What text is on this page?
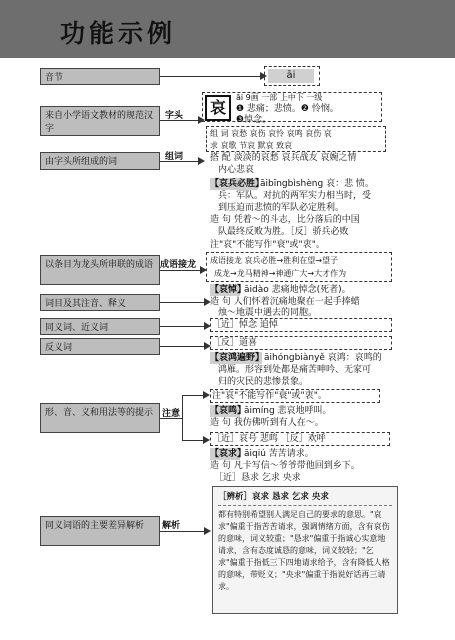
功能示例
音节
来自小学语文教材的规范汉字
由字头所组成的词
以条目为龙头所串联的成语
词目及其注音、释义
同义词、近义词
反义词
形、音、义和用法等的提示
同义词语的主要差异解析
字头
组词
成语接龙
注意
解析
āi
哀
āi 9画 一部 上中下 一级
❶ 悲痛；悲愤。❷ 怜悯。
❸悼念。
组 词 哀愁 哀伤 哀怜 哀鸣 哀伤 哀
求 哀歌 节哀 默哀 致哀
搭 配 淡淡的哀愁 哀兵战友 哀婉之情
内心悲哀
【哀兵必胜】
āibīngbìshèng 哀：悲 愤。
兵：军队。对抗的两军实力相当时，受
到压迫而悲愤的军队必定胜利。
造 句 凭着～的斗志，比分落后的中国
队最终反败为胜。［反］骄兵必败
注"哀"不能写作"衰"或"衷"。
成语接龙 哀兵必胜→胜利在望→望子
成龙→龙马精神→神通广大→大才作为
【哀悼】
āidào 悲痛地悼念(死者)。
造 句 人们怀着沉痛地聚在一起手捧蜡
烛～地震中遇去的同胞。
［近］悼念 追悼
［反］道喜
【哀鸿遍野】 āihóngbiànyě 哀鸿：哀鸣的
鸿雁。形容到处都是痛苦呻吟、无家可
归的灾民的悲惨景象。
注"哀"不能写作"衰"或"衷"。
【哀鸣】
āimíng 悲哀地呼叫。
造 句 我仿佛听到有人在～。
［近］哀号 悲鸣 ［反］欢呼
【哀求】
āiqiú 苦苦请求。
造 句 凡卡写信～爷爷带他回到乡下。
［近］恳求 乞求 央求
［辨析］哀求 恳求 乞求 央求
都有特别希望别人满足自己的要求的意思。"哀求"偏重于指苦苦请求，强调情绪方面，含有哀伤的意味，词义较重；"恳求"偏重于指诚心实意地请求，含有态度诚恳的意味，词义较轻；"乞求"偏重于指低三下四地请求给予，含有降低人格的意味，带贬义；"央求"偏重于指说好话再三请求。
